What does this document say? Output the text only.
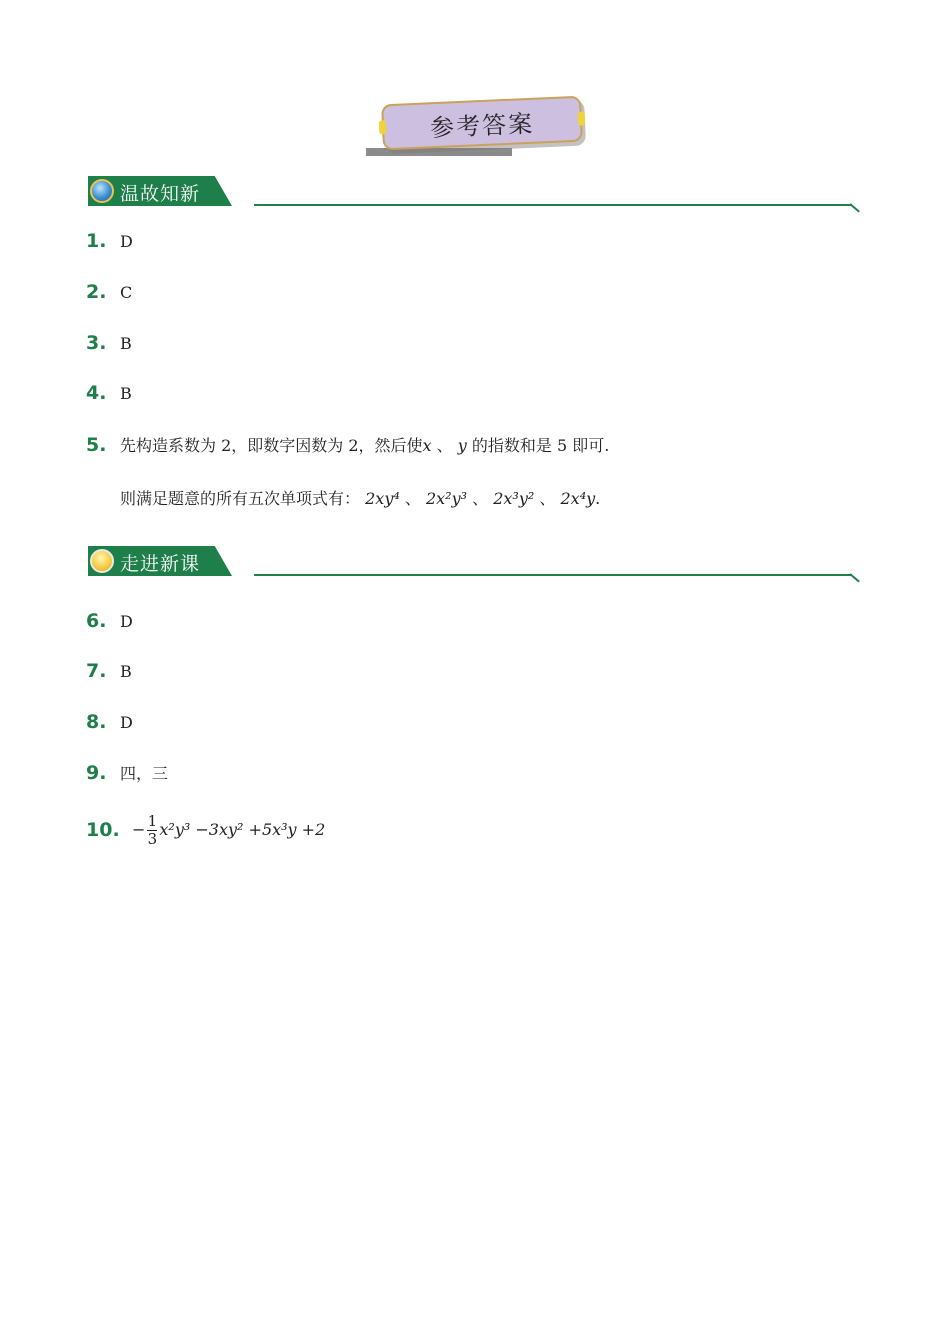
参考答案
温故知新
1. D
2. C
3. B
4. B
5. 先构造系数为 2，即数字因数为 2，然后使x 、 y 的指数和是 5 即可.
则满足题意的所有五次单项式有： 2xy⁴ 、 2x²y³ 、 2x³y² 、 2x⁴y.
走进新课
6. D
7. B
8. D
9. 四，三
10. − $\frac{1}{3} x^2y^3 -3xy^2 +5x^3y +2$
